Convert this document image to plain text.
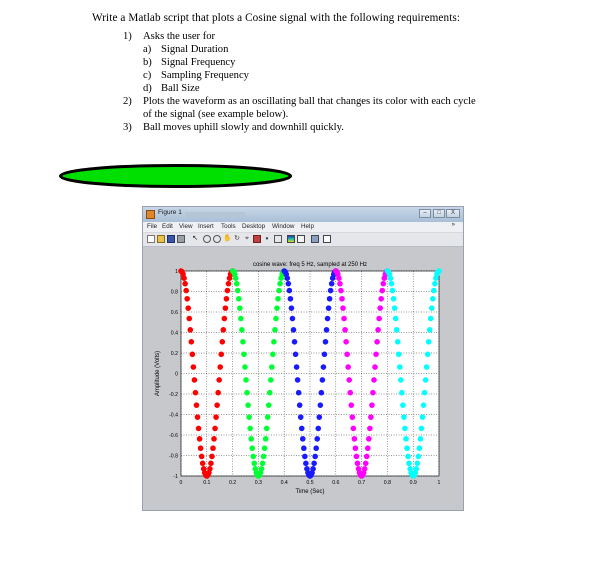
Write a Matlab script that plots a Cosine signal with the following requirements:
1) Asks the user for
a) Signal Duration
b) Signal Frequency
c) Sampling Frequency
d) Ball Size
2) Plots the waveform as an oscillating ball that changes its color with each cycle
of the signal (see example below).
3) Ball moves uphill slowly and downhill quickly.
Figure 1	–	□	X
File Edit View Insert Tools Desktop Window Help	»
↖	✋ ↻ ⌖	▾
0	0.1	0.2	0.3	0.4	0.5	0.6	0.7	0.8	0.9	1
1
0.8
0.6
0.4
0.2
0
-0.2
-0.4
-0.6
-0.8
-1
cosine wave: freq 5 Hz, sampled at 250 Hz
Time (Sec)
Amplitude (Volts)
